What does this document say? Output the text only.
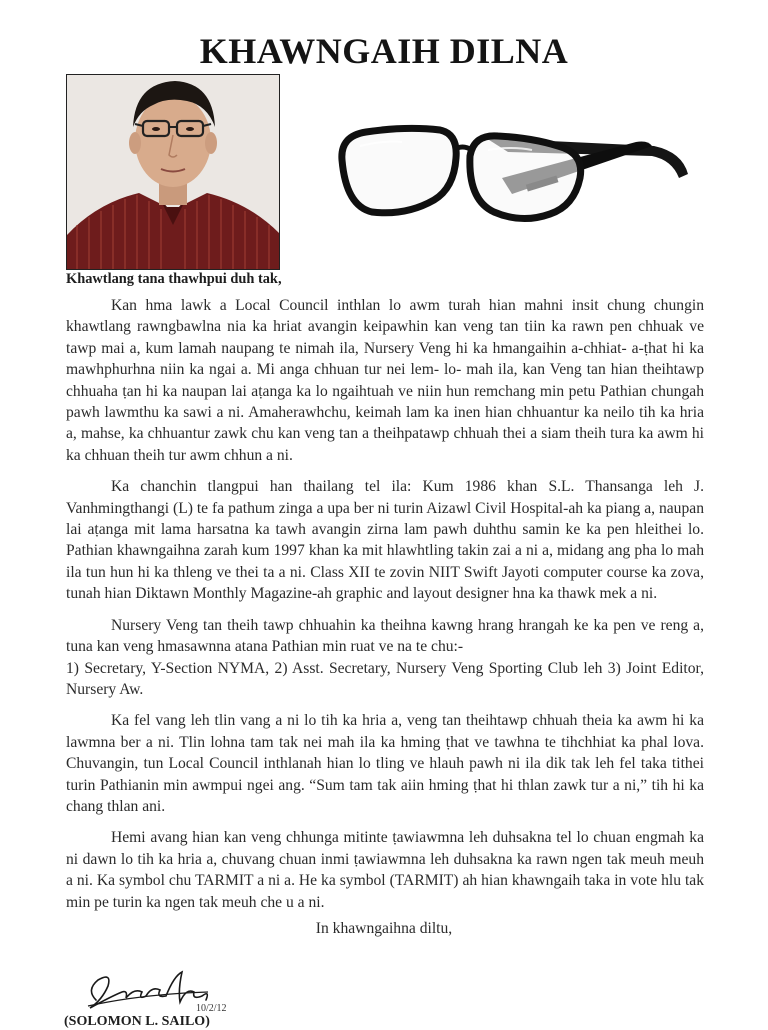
KHAWNGAIH DILNA

Khawtlang tana thawhpui duh tak,

Kan hma lawk a Local Council inthlan lo awm turah hian mahni insit chung chungin khawtlang rawngbawlna nia ka hriat avangin keipawhin kan veng tan tiin ka rawn pen chhuak ve tawp mai a, kum lamah naupang te nimah ila, Nursery Veng hi ka hmangaihin a-chhiat- a-ṭhat hi ka mawhphurhna niin ka ngai a. Mi anga chhuan tur nei lem- lo- mah ila, kan Veng tan hian theihtawp chhuaha ṭan hi ka naupan lai aṭanga ka lo ngaihtuah ve niin hun remchang min petu Pathian chungah pawh lawmthu ka sawi a ni. Amaherawhchu, keimah lam ka inen hian chhuantur ka neilo tih ka hria a, mahse, ka chhuantur zawk chu kan veng tan a theihpatawp chhuah thei a siam theih tura ka awm hi ka chhuan theih tur awm chhun a ni.

Ka chanchin tlangpui han thailang tel ila: Kum 1986 khan S.L. Thansanga leh J. Vanhmingthangi (L) te fa pathum zinga a upa ber ni turin Aizawl Civil Hospital-ah ka piang a, naupan lai aṭanga mit lama harsatna ka tawh avangin zirna lam pawh duhthu samin ke ka pen hleithei lo. Pathian khawngaihna zarah kum 1997 khan ka mit hlawhtling takin zai a ni a, midang ang pha lo mah ila tun hun hi ka thleng ve thei ta a ni. Class XII te zovin NIIT Swift Jayoti computer course ka zova, tunah hian Diktawn Monthly Magazine-ah graphic and layout designer hna ka thawk mek a ni.

Nursery Veng tan theih tawp chhuahin ka theihna kawng hrang hrangah ke ka pen ve reng a, tuna kan veng hmasawnna atana Pathian min ruat ve na te chu:-

1) Secretary, Y-Section NYMA, 2) Asst. Secretary, Nursery Veng Sporting Club leh 3) Joint Editor, Nursery Aw.

Ka fel vang leh tlin vang a ni lo tih ka hria a, veng tan theihtawp chhuah theia ka awm hi ka lawmna ber a ni. Tlin lohna tam tak nei mah ila ka hming ṭhat ve tawhna te tihchhiat ka phal lova. Chuvangin, tun Local Council inthlanah hian lo tling ve hlauh pawh ni ila dik tak leh fel taka tithei turin Pathianin min awmpui ngei ang. “Sum tam tak aiin hming ṭhat hi thlan zawk tur a ni,” tih hi ka chang thlan ani.

Hemi avang hian kan veng chhunga mitinte ṭawiawmna leh duhsakna tel lo chuan engmah ka ni dawn lo tih ka hria a, chuvang chuan inmi ṭawiawmna leh duhsakna ka rawn ngen tak meuh meuh a ni. Ka symbol chu TARMIT a ni a. He ka symbol (TARMIT) ah hian khawngaih taka in vote hlu tak min pe turin ka ngen tak meuh che u a ni.

In khawngaihna diltu,

10/2/12

(SOLOMON L. SAILO)
